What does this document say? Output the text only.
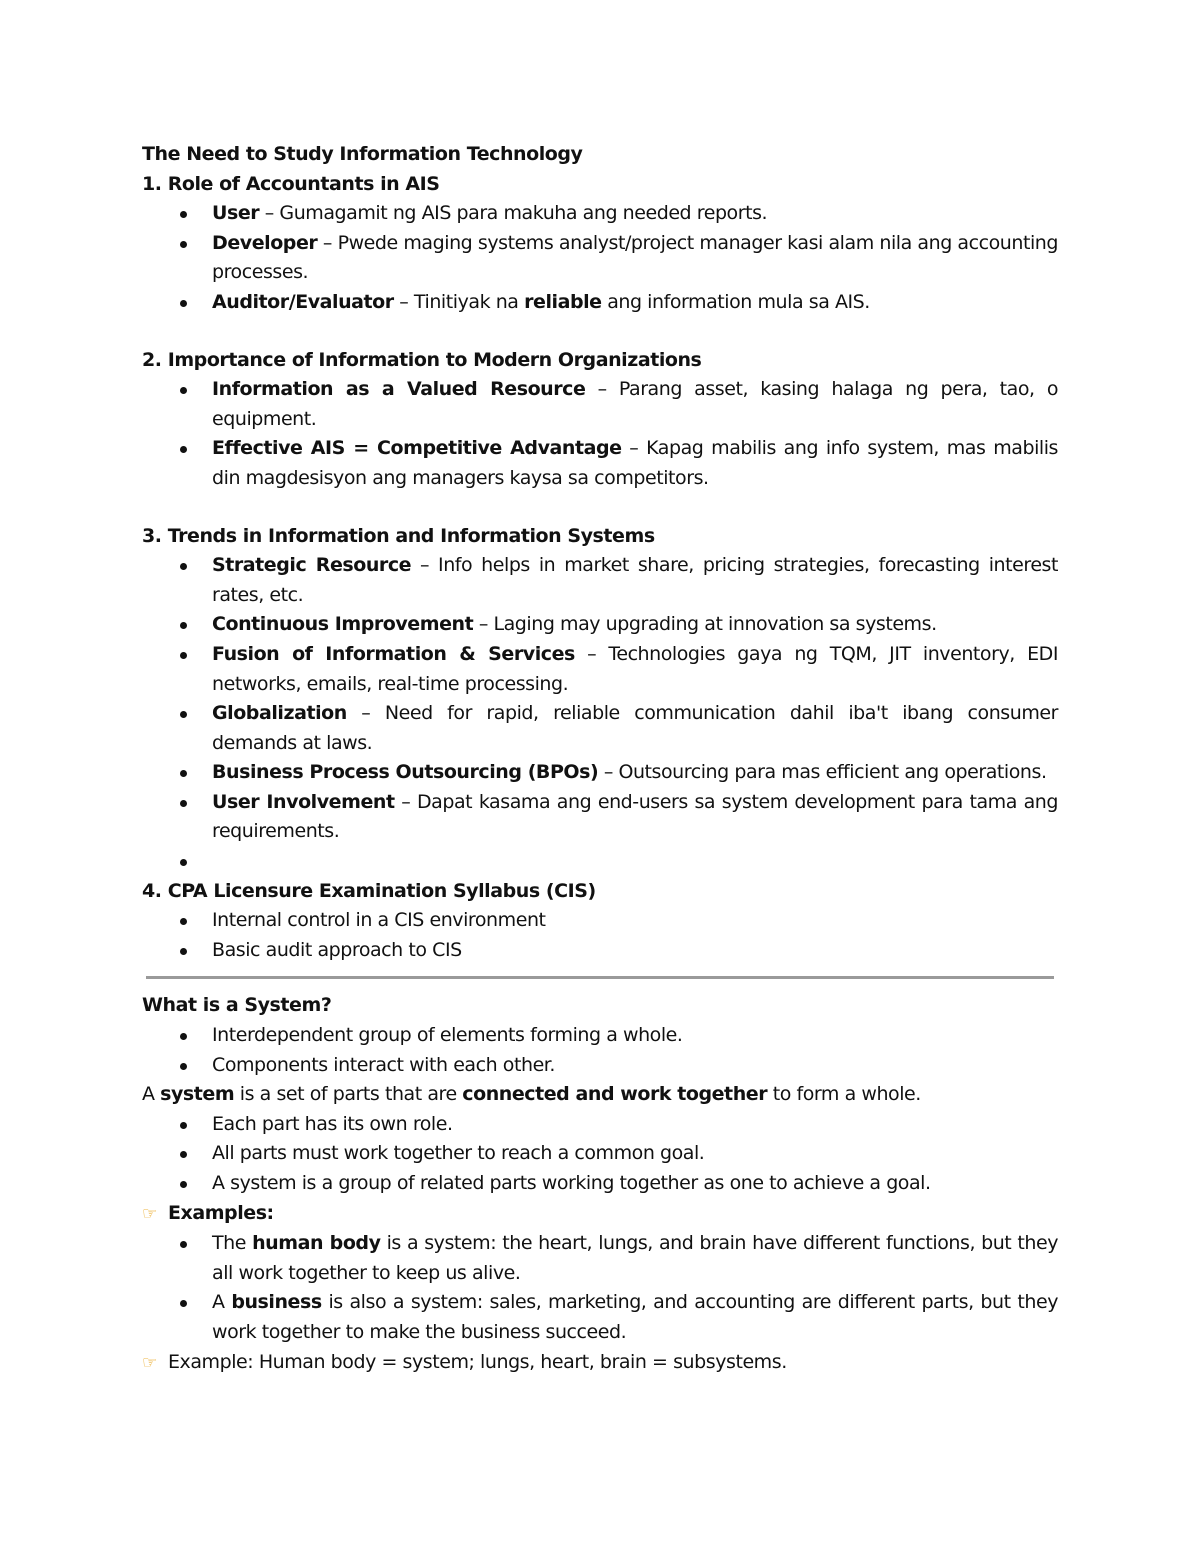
The Need to Study Information Technology

1. Role of Accountants in AIS

User – Gumagamit ng AIS para makuha ang needed reports.
Developer – Pwede maging systems analyst/project manager kasi alam nila ang accounting processes.
Auditor/Evaluator – Tinitiyak na reliable ang information mula sa AIS.

2. Importance of Information to Modern Organizations

Information as a Valued Resource – Parang asset, kasing halaga ng pera, tao, o equipment.
Effective AIS = Competitive Advantage – Kapag mabilis ang info system, mas mabilis din magdesisyon ang managers kaysa sa competitors.

3. Trends in Information and Information Systems

Strategic Resource – Info helps in market share, pricing strategies, forecasting interest rates, etc.
Continuous Improvement – Laging may upgrading at innovation sa systems.
Fusion of Information & Services – Technologies gaya ng TQM, JIT inventory, EDI networks, emails, real-time processing.
Globalization – Need for rapid, reliable communication dahil iba't ibang consumer demands at laws.
Business Process Outsourcing (BPOs) – Outsourcing para mas efficient ang operations.
User Involvement – Dapat kasama ang end-users sa system development para tama ang requirements.

4. CPA Licensure Examination Syllabus (CIS)

Internal control in a CIS environment
Basic audit approach to CIS

What is a System?

Interdependent group of elements forming a whole.
Components interact with each other.

A system is a set of parts that are connected and work together to form a whole.

Each part has its own role.
All parts must work together to reach a common goal.
A system is a group of related parts working together as one to achieve a goal.

☞ Examples:

The human body is a system: the heart, lungs, and brain have different functions, but they all work together to keep us alive.
A business is also a system: sales, marketing, and accounting are different parts, but they work together to make the business succeed.

☞ Example: Human body = system; lungs, heart, brain = subsystems.
